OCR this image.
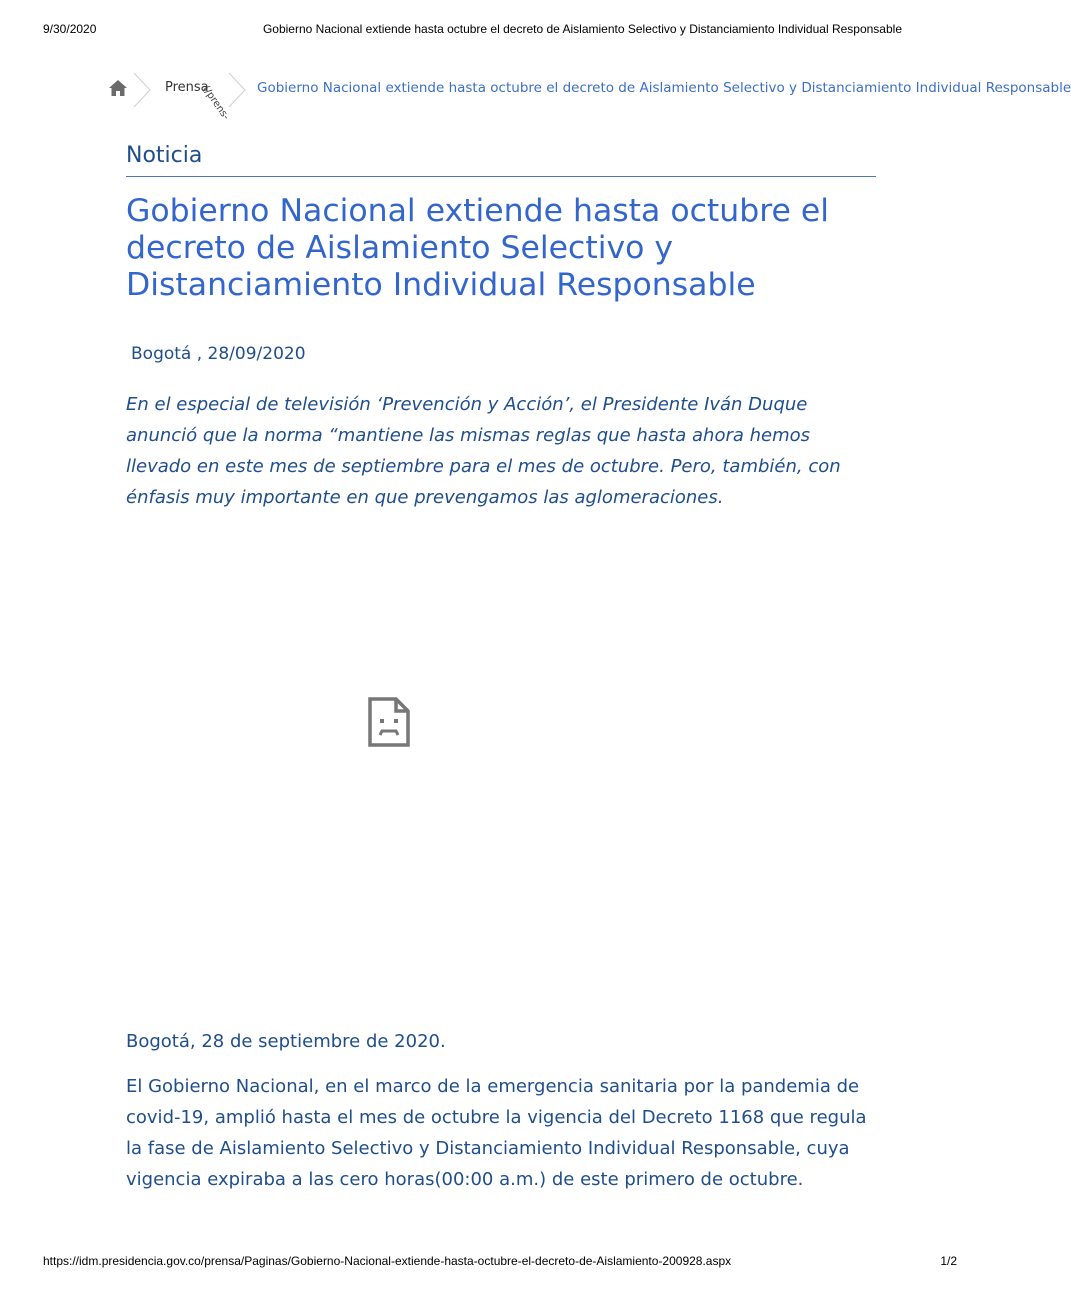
9/30/2020	Gobierno Nacional extiende hasta octubre el decreto de Aislamiento Selectivo y Distanciamiento Individual Responsable
Prensa
(/prens- Gobierno Nacional extiende hasta octubre el decreto de Aislamiento Selectivo y Distanciamiento Individual Responsable
Noticia
Gobierno Nacional extiende hasta octubre el decreto de Aislamiento Selectivo y Distanciamiento Individual Responsable
Bogotá , 28/09/2020

En el especial de televisión ‘Prevención y Acción’, el Presidente Iván Duque anunció que la norma “mantiene las mismas reglas que hasta ahora hemos llevado en este mes de septiembre para el mes de octubre. Pero, también, con énfasis muy importante en que prevengamos las aglomeraciones.

Bogotá, 28 de septiembre de 2020.

El Gobierno Nacional, en el marco de la emergencia sanitaria por la pandemia de covid-19, amplió hasta el mes de octubre la vigencia del Decreto 1168 que regula la fase de Aislamiento Selectivo y Distanciamiento Individual Responsable, cuya vigencia expiraba a las cero horas(00:00 a.m.) de este primero de octubre.

https://idm.presidencia.gov.co/prensa/Paginas/Gobierno-Nacional-extiende-hasta-octubre-el-decreto-de-Aislamiento-200928.aspx	1/2
